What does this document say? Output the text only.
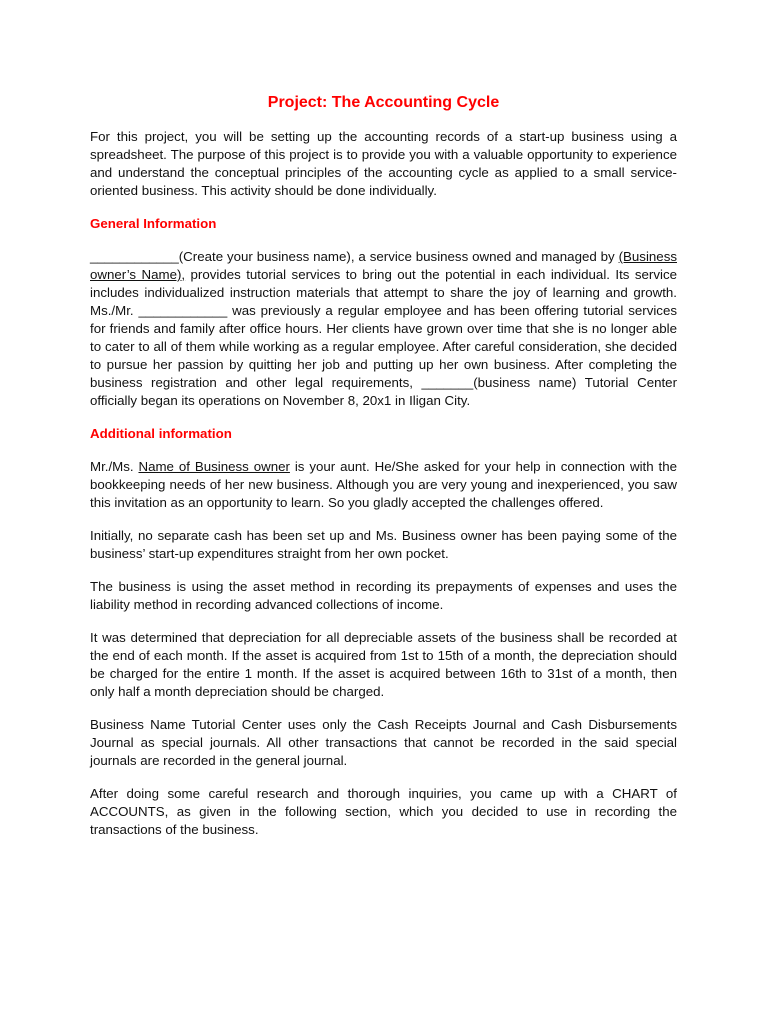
Project: The Accounting Cycle

For this project, you will be setting up the accounting records of a start-up business using a spreadsheet. The purpose of this project is to provide you with a valuable opportunity to experience and understand the conceptual principles of the accounting cycle as applied to a small service-oriented business. This activity should be done individually.

General Information

____________(Create your business name), a service business owned and managed by (Business owner’s Name), provides tutorial services to bring out the potential in each individual. Its service includes individualized instruction materials that attempt to share the joy of learning and growth. Ms./Mr. ____________ was previously a regular employee and has been offering tutorial services for friends and family after office hours. Her clients have grown over time that she is no longer able to cater to all of them while working as a regular employee. After careful consideration, she decided to pursue her passion by quitting her job and putting up her own business. After completing the business registration and other legal requirements, _______(business name) Tutorial Center officially began its operations on November 8, 20x1 in Iligan City.

Additional information

Mr./Ms. Name of Business owner is your aunt. He/She asked for your help in connection with the bookkeeping needs of her new business. Although you are very young and inexperienced, you saw this invitation as an opportunity to learn. So you gladly accepted the challenges offered.

Initially, no separate cash has been set up and Ms. Business owner has been paying some of the business’ start-up expenditures straight from her own pocket.

The business is using the asset method in recording its prepayments of expenses and uses the liability method in recording advanced collections of income.

It was determined that depreciation for all depreciable assets of the business shall be recorded at the end of each month. If the asset is acquired from 1st to 15th of a month, the depreciation should be charged for the entire 1 month. If the asset is acquired between 16th to 31st of a month, then only half a month depreciation should be charged.

Business Name Tutorial Center uses only the Cash Receipts Journal and Cash Disbursements Journal as special journals. All other transactions that cannot be recorded in the said special journals are recorded in the general journal.

After doing some careful research and thorough inquiries, you came up with a CHART of ACCOUNTS, as given in the following section, which you decided to use in recording the transactions of the business.
